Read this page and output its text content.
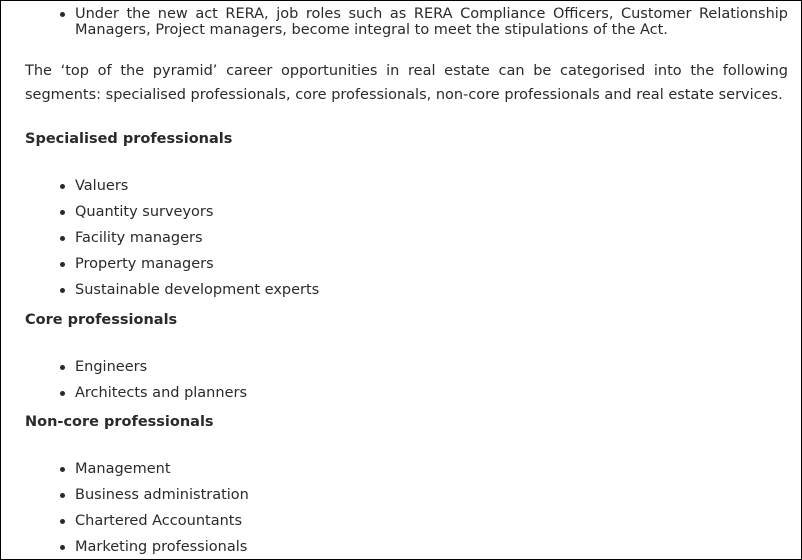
Under the new act RERA, job roles such as RERA Compliance Officers, Customer Relationship Managers, Project managers, become integral to meet the stipulations of the Act.

The ‘top of the pyramid’ career opportunities in real estate can be categorised into the following segments: specialised professionals, core professionals, non-core professionals and real estate services.

Specialised professionals
Valuers
Quantity surveyors
Facility managers
Property managers
Sustainable development experts
Core professionals
Engineers
Architects and planners
Non-core professionals
Management
Business administration
Chartered Accountants
Marketing professionals
